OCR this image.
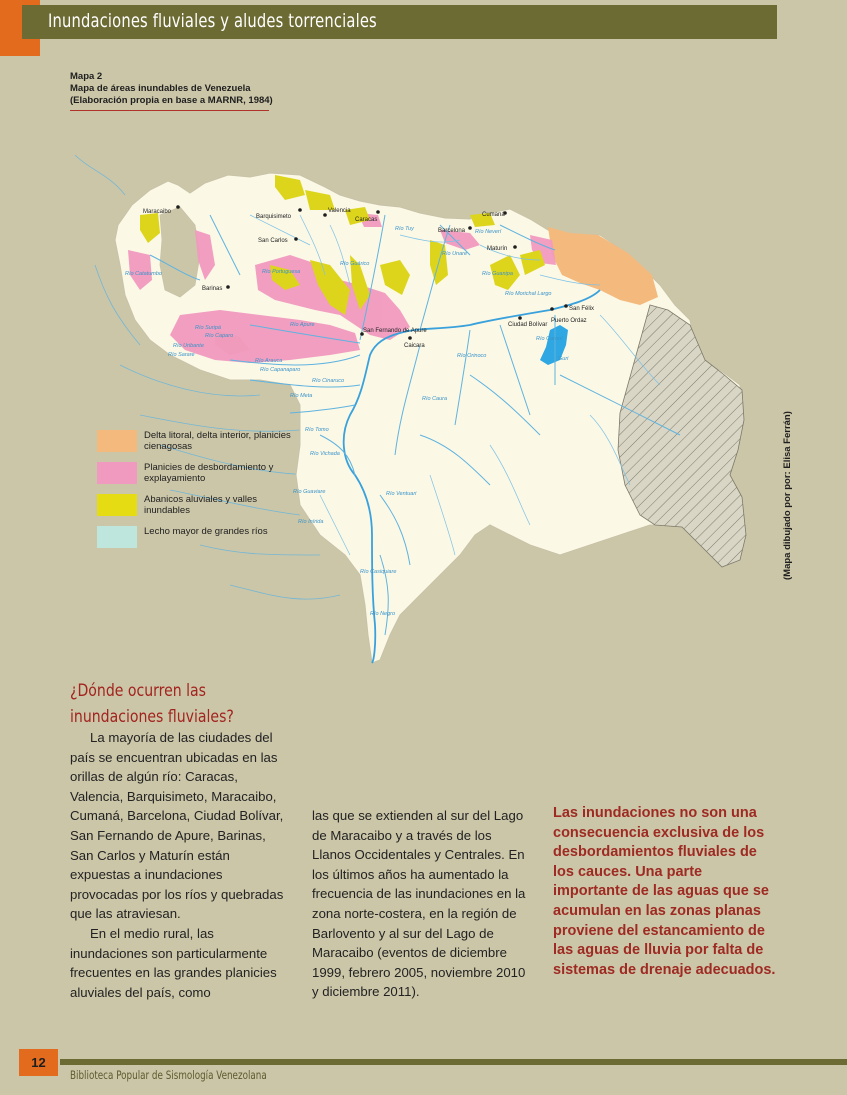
Inundaciones fluviales y aludes torrenciales
Mapa 2
Mapa de áreas inundables de Venezuela
(Elaboración propia en base a MARNR, 1984)
Maracaibo
Barquisimeto
Valencia
Caracas
Cumaná
Barcelona
San Carlos
Maturín
Barinas
San Félix
Puerto Ordaz
Ciudad Bolívar
San Fernando de Apure
Caicara
Río Apure
Río Caparo
Río Arauca
Río Capanaparo
Río Cinaruco
Río Meta
Río Tomo
Río Vichada
Río Guaviare
Río Inírida
Río Orinoco
Río Caura
Río Caroní
Río Ventuari
Río Guárico
Río Unare
Río Portuguesa
Río Uribante
Río Tuy	Río Neverí
Río Guanipa
Río Morichal Largo
Río Catatumbo
Río Suripá
Río Sarare
Río Casiquiare
Río Negro
Guri
Delta litoral, delta interior, planicies cienagosas
Planicies de desbordamiento y explayamiento
Abanicos aluviales y valles inundables
Lecho mayor de grandes ríos	(Mapa dibujado por por: Elisa Ferrán)
¿Dónde ocurren las inundaciones fluviales?

La mayoría de las ciudades del país se encuentran ubicadas en las orillas de algún río: Caracas, Valencia, Barquisimeto, Maracaibo, Cumaná, Barcelona, Ciudad Bolívar, San Fernando de Apure, Barinas, San Carlos y Maturín están expuestas a inundaciones provocadas por los ríos y quebradas que las atraviesan.

En el medio rural, las inundaciones son particularmente frecuentes en las grandes planicies aluviales del país, como

las que se extienden al sur del Lago de Maracaibo y a través de los Llanos Occidentales y Centrales. En los últimos años ha aumentado la frecuencia de las inundaciones en la zona norte-costera, en la región de Barlovento y al sur del Lago de Maracaibo (eventos de diciembre 1999, febrero 2005, noviembre 2010 y diciembre 2011).

Las inundaciones no son una consecuencia exclusiva de los desbordamientos fluviales de los cauces. Una parte importante de las aguas que se acumulan en las zonas planas proviene del estancamiento de las aguas de lluvia por falta de sistemas de drenaje adecuados.
12
Biblioteca Popular de Sismología Venezolana
